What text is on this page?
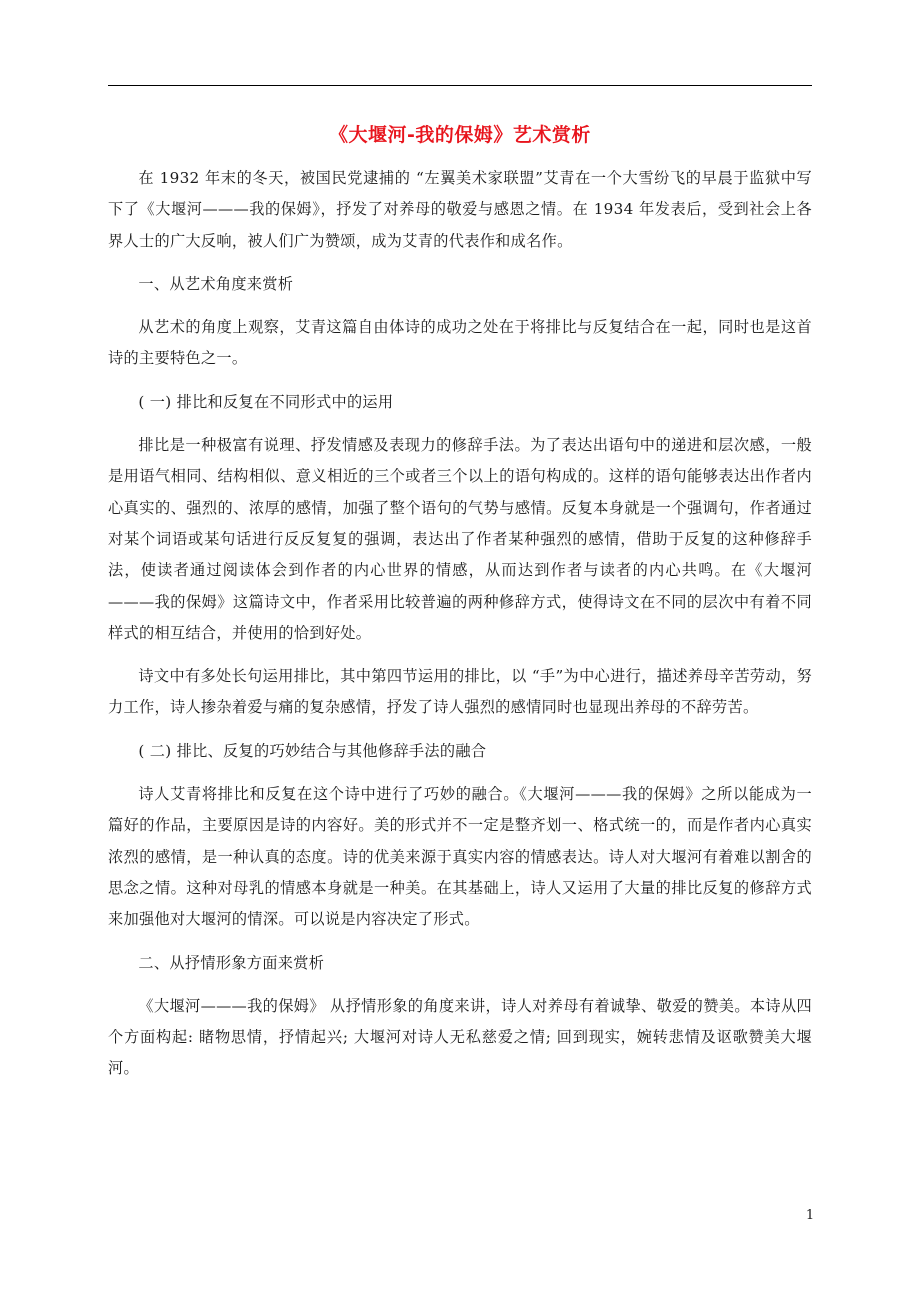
《大堰河-我的保姆》艺术赏析

在 1932 年末的冬天，被国民党逮捕的 “左翼美术家联盟”艾青在一个大雪纷飞的早晨于监狱中写下了《大堰河———我的保姆》，抒发了对养母的敬爱与感恩之情。在 1934 年发表后，受到社会上各界人士的广大反响，被人们广为赞颂，成为艾青的代表作和成名作。

一、从艺术角度来赏析

从艺术的角度上观察，艾青这篇自由体诗的成功之处在于将排比与反复结合在一起，同时也是这首诗的主要特色之一。

( 一) 排比和反复在不同形式中的运用

排比是一种极富有说理、抒发情感及表现力的修辞手法。为了表达出语句中的递进和层次感，一般是用语气相同、结构相似、意义相近的三个或者三个以上的语句构成的。这样的语句能够表达出作者内心真实的、强烈的、浓厚的感情，加强了整个语句的气势与感情。反复本身就是一个强调句，作者通过对某个词语或某句话进行反反复复的强调，表达出了作者某种强烈的感情，借助于反复的这种修辞手法，使读者通过阅读体会到作者的内心世界的情感，从而达到作者与读者的内心共鸣。在《大堰河———我的保姆》这篇诗文中，作者采用比较普遍的两种修辞方式，使得诗文在不同的层次中有着不同样式的相互结合，并使用的恰到好处。

诗文中有多处长句运用排比，其中第四节运用的排比，以 “手”为中心进行，描述养母辛苦劳动，努力工作，诗人掺杂着爱与痛的复杂感情，抒发了诗人强烈的感情同时也显现出养母的不辞劳苦。

( 二) 排比、反复的巧妙结合与其他修辞手法的融合

诗人艾青将排比和反复在这个诗中进行了巧妙的融合。《大堰河———我的保姆》之所以能成为一篇好的作品，主要原因是诗的内容好。美的形式并不一定是整齐划一、格式统一的，而是作者内心真实浓烈的感情，是一种认真的态度。诗的优美来源于真实内容的情感表达。诗人对大堰河有着难以割舍的思念之情。这种对母乳的情感本身就是一种美。在其基础上，诗人又运用了大量的排比反复的修辞方式来加强他对大堰河的情深。可以说是内容决定了形式。

二、从抒情形象方面来赏析

《大堰河———我的保姆》 从抒情形象的角度来讲，诗人对养母有着诚挚、敬爱的赞美。本诗从四个方面构起: 睹物思情，抒情起兴; 大堰河对诗人无私慈爱之情; 回到现实，婉转悲情及讴歌赞美大堰河。

1
